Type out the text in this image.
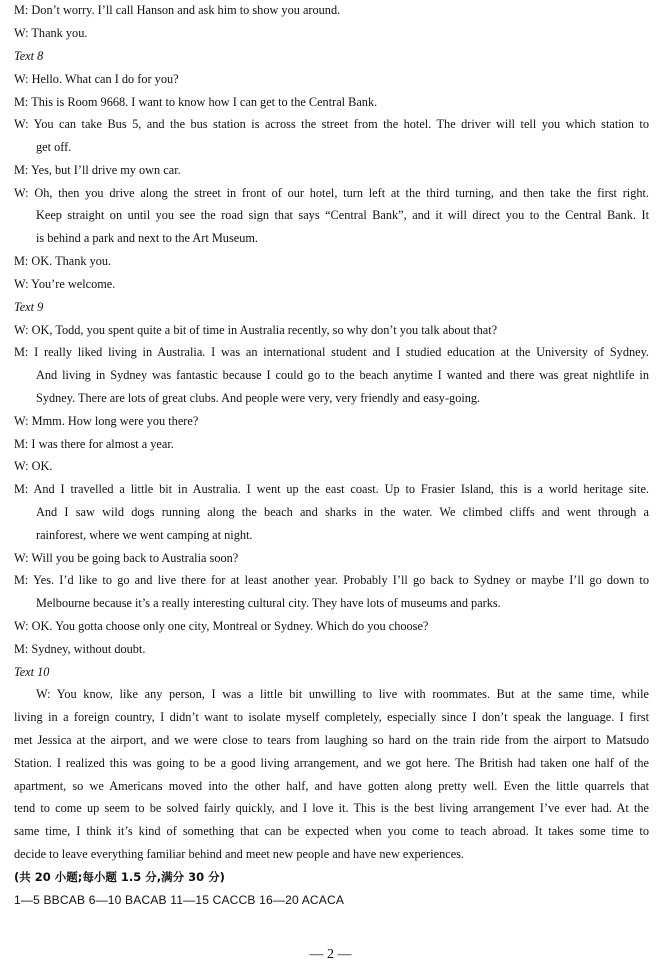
M: Don’t worry. I’ll call Hanson and ask him to show you around.
W: Thank you.
Text 8
W: Hello. What can I do for you?
M: This is Room 9668. I want to know how I can get to the Central Bank.
W: You can take Bus 5, and the bus station is across the street from the hotel. The driver will tell you which station to
get off.
M: Yes, but I’ll drive my own car.
W: Oh, then you drive along the street in front of our hotel, turn left at the third turning, and then take the first right.
Keep straight on until you see the road sign that says “Central Bank”, and it will direct you to the Central Bank. It
is behind a park and next to the Art Museum.
M: OK. Thank you.
W: You’re welcome.
Text 9
W: OK, Todd, you spent quite a bit of time in Australia recently, so why don’t you talk about that?
M: I really liked living in Australia. I was an international student and I studied education at the University of Sydney.
And living in Sydney was fantastic because I could go to the beach anytime I wanted and there was great nightlife in
Sydney. There are lots of great clubs. And people were very, very friendly and easy-going.
W: Mmm. How long were you there?
M: I was there for almost a year.
W: OK.
M: And I travelled a little bit in Australia. I went up the east coast. Up to Frasier Island, this is a world heritage site.
And I saw wild dogs running along the beach and sharks in the water. We climbed cliffs and went through a
rainforest, where we went camping at night.
W: Will you be going back to Australia soon?
M: Yes. I’d like to go and live there for at least another year. Probably I’ll go back to Sydney or maybe I’ll go down to
Melbourne because it’s a really interesting cultural city. They have lots of museums and parks.
W: OK. You gotta choose only one city, Montreal or Sydney. Which do you choose?
M: Sydney, without doubt.
Text 10
W: You know, like any person, I was a little bit unwilling to live with roommates. But at the same time, while
living in a foreign country, I didn’t want to isolate myself completely, especially since I don’t speak the language. I first
met Jessica at the airport, and we were close to tears from laughing so hard on the train ride from the airport to Matsudo
Station. I realized this was going to be a good living arrangement, and we got here. The British had taken one half of the
apartment, so we Americans moved into the other half, and have gotten along pretty well. Even the little quarrels that
tend to come up seem to be solved fairly quickly, and I love it. This is the best living arrangement I’ve ever had. At the
same time, I think it’s kind of something that can be expected when you come to teach abroad. It takes some time to
decide to leave everything familiar behind and meet new people and have new experiences.
(共 20 小题;每小题 1.5 分,满分 30 分)
1—5 BBCAB 6—10 BACAB 11—15 CACCB 16—20 ACACA
— 2 —
